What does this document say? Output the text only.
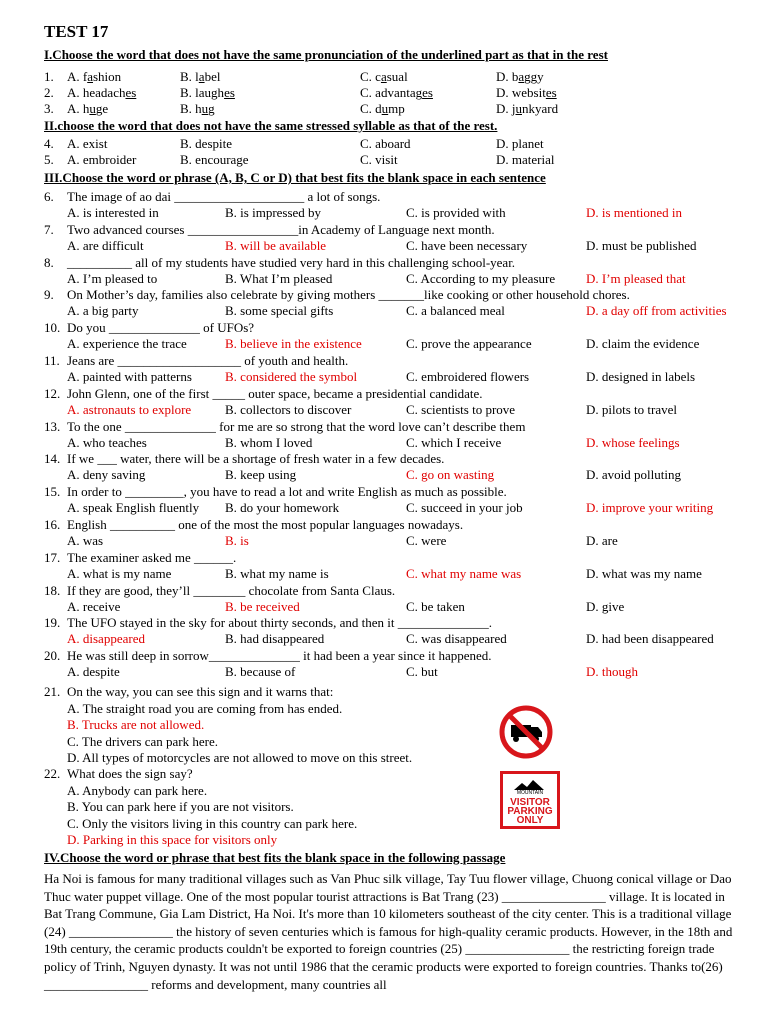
TEST 17
I.Choose the word that does not have the same pronunciation of the underlined part as that in the rest
1. A. fashion	B. label	C. casual	D. baggy
2. A. headaches	B. laughes	C. advantages	D. websites
3. A. huge	B. hug	C. dump	D. junkyard
II.choose the word that does not have the same stressed syllable as that of the rest.
4. A. exist	B. despite	C. aboard	D. planet
5. A. embroider	B. encourage	C. visit	D. material
III.Choose the word or phrase (A, B, C or D) that best fits the blank space in each sentence
6. The image of ao dai ____________________ a lot of songs.
A. is interested in	B. is impressed by	C. is provided with	D. is mentioned in
7. Two advanced courses _________________in Academy of Language next month.
A. are difficult	B. will be available	C. have been necessary	D. must be published
8. __________ all of my students have studied very hard in this challenging school-year.
A. I’m pleased to	B. What I’m pleased	C. According to my pleasure D. I’m pleased that
9. On Mother’s day, families also celebrate by giving mothers _______like cooking or other household chores.
A. a big party	B. some special gifts	C. a balanced meal	D. a day off from activities
10. Do you ______________ of UFOs?
A. experience the trace	B. believe in the existence	C. prove the appearance	D. claim the evidence
11. Jeans are ___________________ of youth and health.
A. painted with patterns	B. considered the symbol	C. embroidered flowers	D. designed in labels
12. John Glenn, one of the first _____ outer space, became a presidential candidate.
A. astronauts to explore	B. collectors to discover	C. scientists to prove	D. pilots to travel
13. To the one ______________ for me are so strong that the word love can’t describe them
A. who teaches	B. whom I loved	C. which I receive	D. whose feelings
14. If we ___ water, there will be a shortage of fresh water in a few decades.
A. deny saving	B. keep using	C. go on wasting	D. avoid polluting
15. In order to _________, you have to read a lot and write English as much as possible.
A. speak English fluently B. do your homework	C. succeed in your job	D. improve your writing
16. English __________ one of the most the most popular languages nowadays.
A. was	B. is	C. were	D. are
17. The examiner asked me ______.
A. what is my name	B. what my name is	C. what my name was	D. what was my name
18. If they are good, they’ll ________ chocolate from Santa Claus.
A. receive	B. be received	C. be taken	D. give
19. The UFO stayed in the sky for about thirty seconds, and then it ______________.
A. disappeared	B. had disappeared	C. was disappeared	D. had been disappeared
20. He was still deep in sorrow______________ it had been a year since it happened.
A. despite	B. because of	C. but	D. though
21. On the way, you can see this sign and it warns that:
A. The straight road you are coming from has ended.
B. Trucks are not allowed.
C. The drivers can park here.
D. All types of motorcycles are not allowed to move on this street.
22. What does the sign say?
A. Anybody can park here.
B. You can park here if you are not visitors.
C. Only the visitors living in this country can park here.
D. Parking in this space for visitors only
MOUNTAIN
VISITOR
PARKING
ONLY
IV.Choose the word or phrase that best fits the blank space in the following passage
Ha Noi is famous for many traditional villages such as Van Phuc silk village, Tay Tuu flower village, Chuong conical village or Dao Thuc water puppet village. One of the most popular tourist attractions is Bat Trang (23) ________________ village. It is located in Bat Trang Commune, Gia Lam District, Ha Noi. It's more than 10 kilometers southeast of the city center. This is a traditional village (24) ________________ the history of seven centuries which is famous for high-quality ceramic products. However, in the 18th and 19th century, the ceramic products couldn't be exported to foreign countries (25) ________________ the restricting foreign trade policy of Trinh, Nguyen dynasty. It was not until 1986 that the ceramic products were exported to foreign countries. Thanks to(26) ________________ reforms and development, many countries all
